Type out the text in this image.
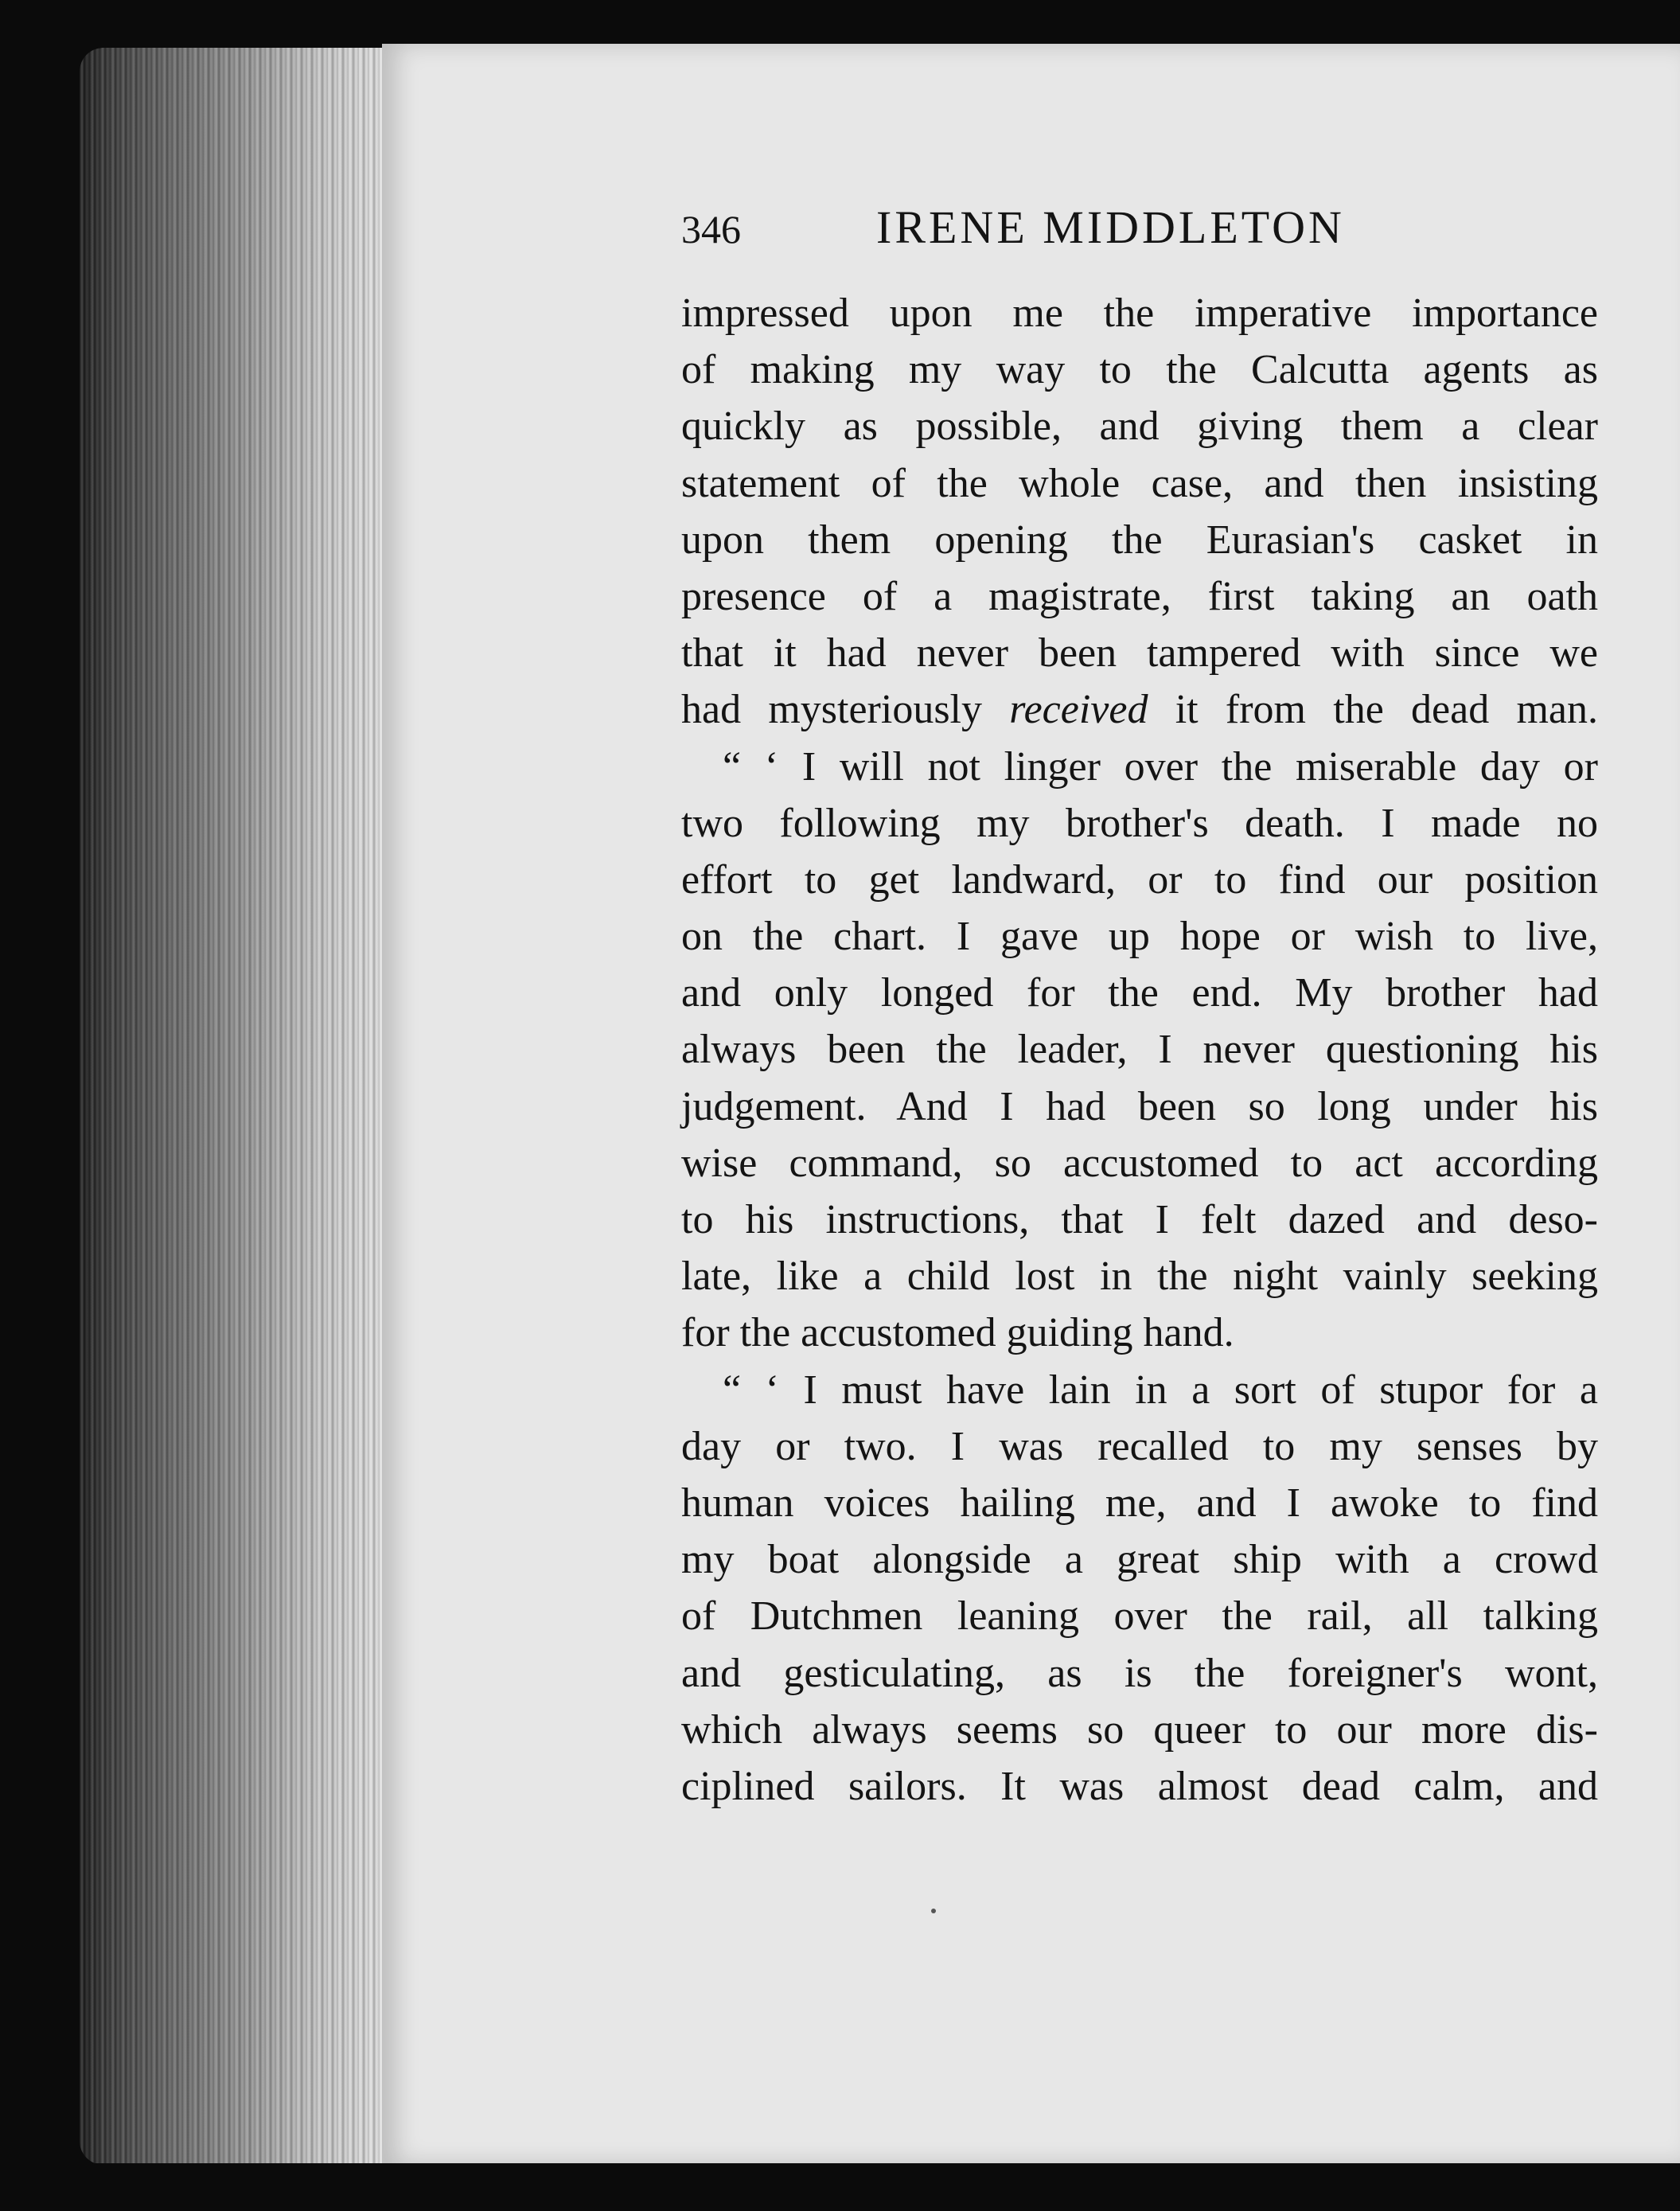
346	IRENE MIDDLETON
impressed upon me the imperative importance
of making my way to the Calcutta agents as
quickly as possible, and giving them a clear
statement of the whole case, and then insisting
upon them opening the Eurasian's casket in
presence of a magistrate, first taking an oath
that it had never been tampered with since we
had mysteriously received it from the dead man.
“ ‘ I will not linger over the miserable day or
two following my brother's death. I made no
effort to get landward, or to find our position
on the chart. I gave up hope or wish to live,
and only longed for the end. My brother had
always been the leader, I never questioning his
judgement. And I had been so long under his
wise command, so accustomed to act according
to his instructions, that I felt dazed and deso-
late, like a child lost in the night vainly seeking
for the accustomed guiding hand.
“ ‘ I must have lain in a sort of stupor for a
day or two. I was recalled to my senses by
human voices hailing me, and I awoke to find
my boat alongside a great ship with a crowd
of Dutchmen leaning over the rail, all talking
and gesticulating, as is the foreigner's wont,
which always seems so queer to our more dis-
ciplined sailors. It was almost dead calm, and
